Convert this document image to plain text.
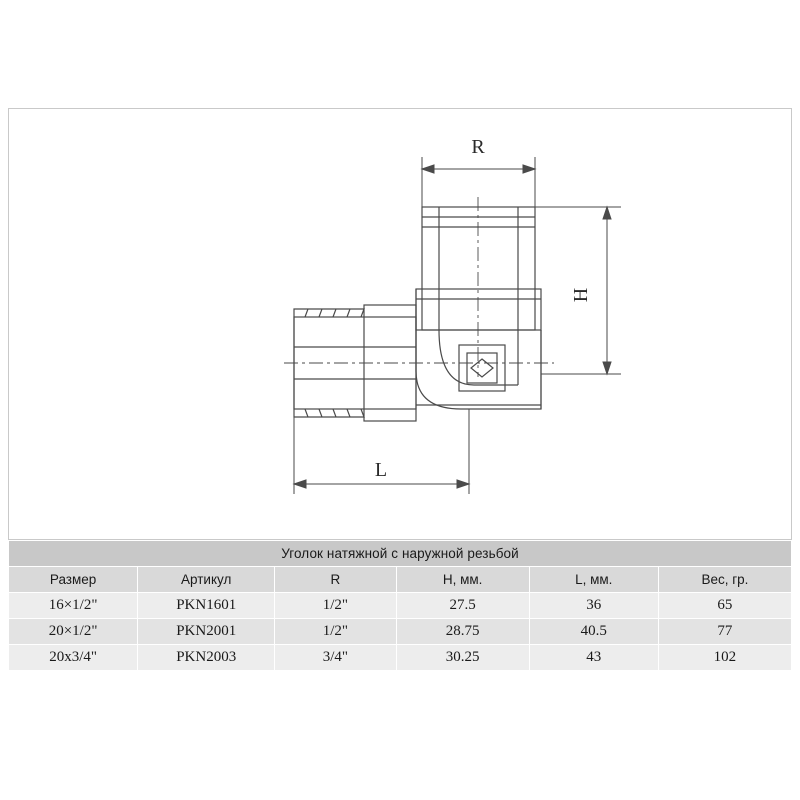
R
H
L
Уголок натяжной с наружной резьбой					
Размер	Артикул	R	H, мм.	L, мм.	Вес, гр.
16×1/2"	PKN1601	1/2"	27.5	36	65
20×1/2"	PKN2001	1/2"	28.75	40.5	77
20x3/4"	PKN2003	3/4"	30.25	43	102
